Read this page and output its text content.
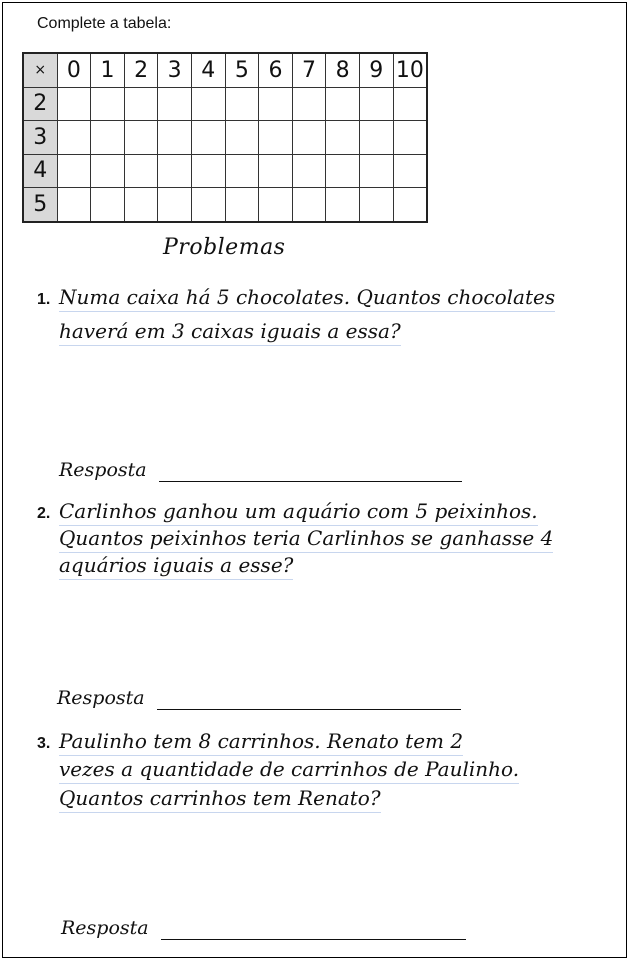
Complete a tabela:
×	0	1	2	3	4	5	6	7	8	9	10
2											
3											
4											
5											
Problemas
1. Numa caixa há 5 chocolates. Quantos chocolates
haverá em 3 caixas iguais a essa?
Resposta
2. Carlinhos ganhou um aquário com 5 peixinhos.
Quantos peixinhos teria Carlinhos se ganhasse 4
aquários iguais a esse?
Resposta
3. Paulinho tem 8 carrinhos. Renato tem 2
vezes a quantidade de carrinhos de Paulinho.
Quantos carrinhos tem Renato?
Resposta
